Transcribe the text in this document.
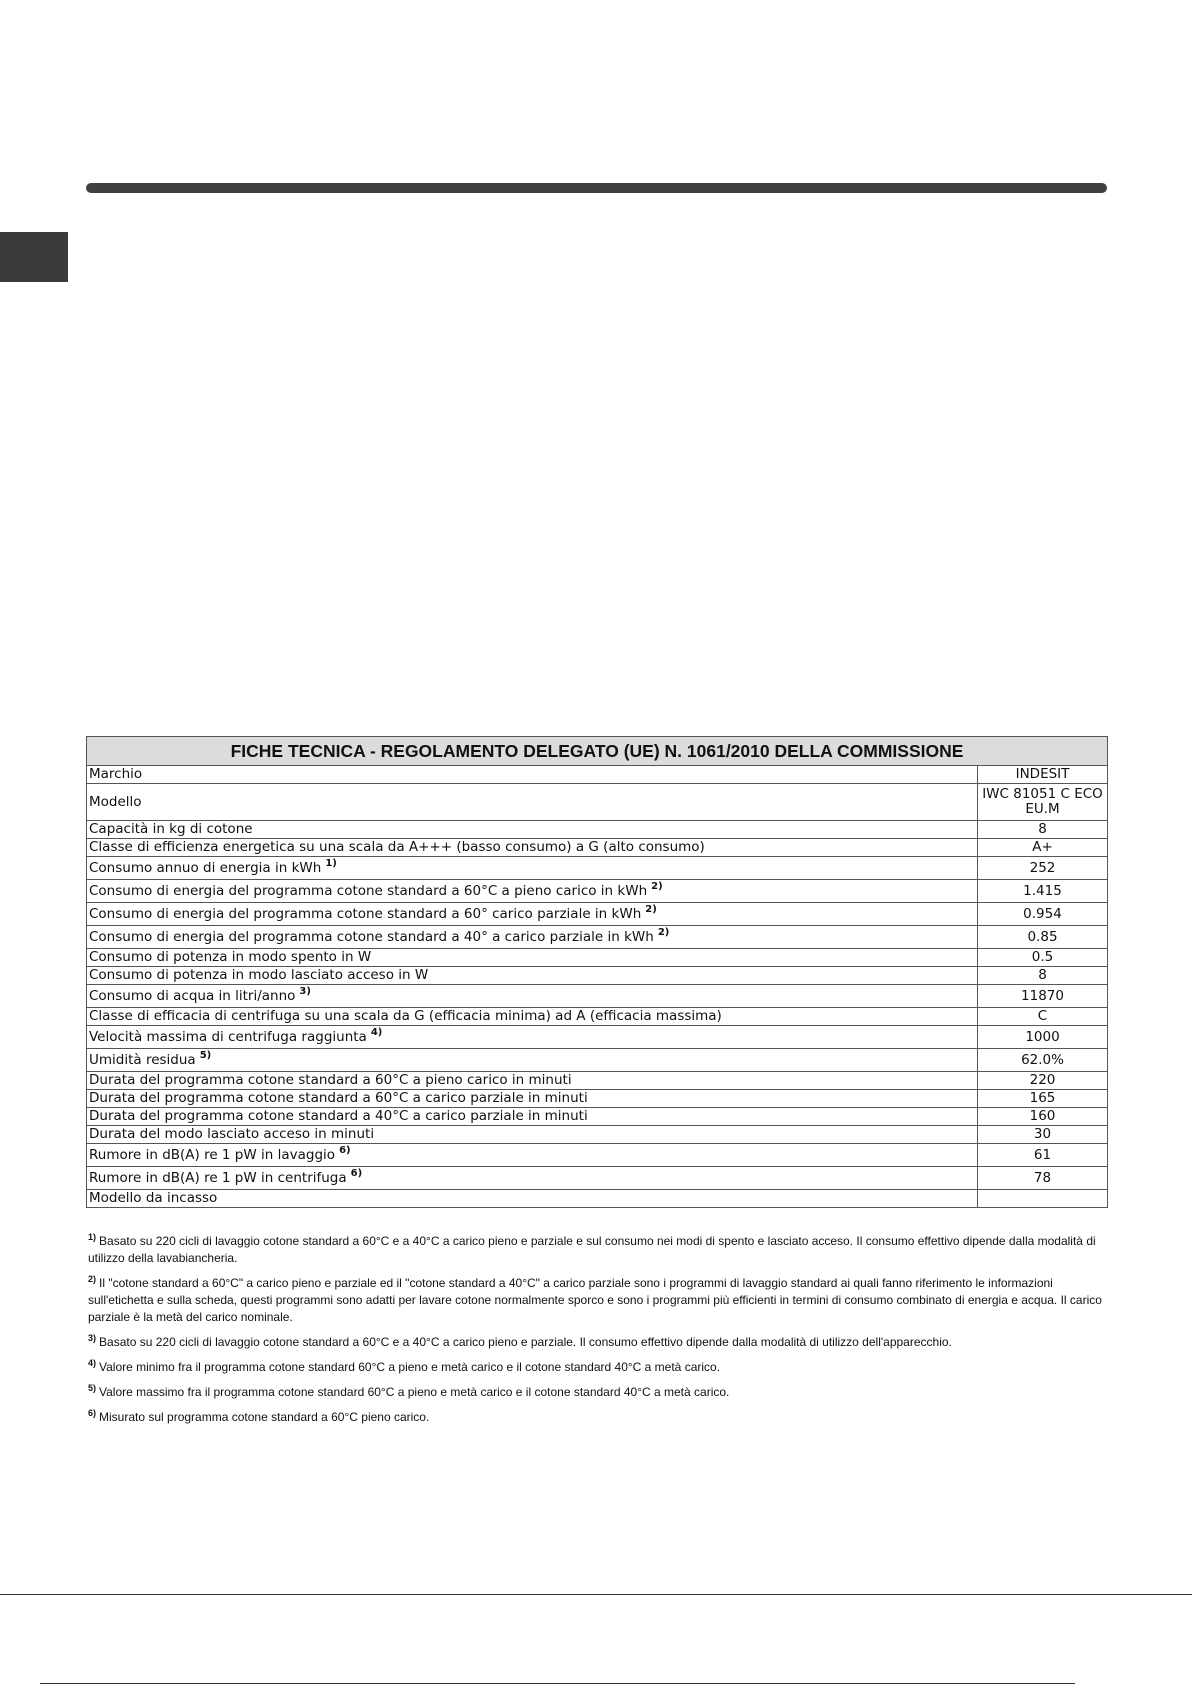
FICHE TECNICA - REGOLAMENTO DELEGATO (UE) N. 1061/2010 DELLA COMMISSIONE	
Marchio	INDESIT
Modello	IWC 81051 C ECO EU.M
Capacità in kg di cotone	8
Classe di efficienza energetica su una scala da A+++ (basso consumo) a G (alto consumo)	A+
Consumo annuo di energia in kWh $^{1)}$	252
Consumo di energia del programma cotone standard a 60°C a pieno carico in kWh $^{2)}$	1.415
Consumo di energia del programma cotone standard a 60° carico parziale in kWh $^{2)}$	0.954
Consumo di energia del programma cotone standard a 40° a carico parziale in kWh $^{2)}$	0.85
Consumo di potenza in modo spento in W	0.5
Consumo di potenza in modo lasciato acceso in W	8
Consumo di acqua in litri/anno $^{3)}$	11870
Classe di efficacia di centrifuga su una scala da G (efficacia minima) ad A (efficacia massima)	C
Velocità massima di centrifuga raggiunta $^{4)}$	1000
Umidità residua $^{5)}$	62.0%
Durata del programma cotone standard a 60°C a pieno carico in minuti	220
Durata del programma cotone standard a 60°C a carico parziale in minuti	165
Durata del programma cotone standard a 40°C a carico parziale in minuti	160
Durata del modo lasciato acceso in minuti	30
Rumore in dB(A) re 1 pW in lavaggio $^{6)}$	61
Rumore in dB(A) re 1 pW in centrifuga $^{6)}$	78
Modello da incasso	

$^{1)}$ Basato su 220 cicli di lavaggio cotone standard a 60°C e a 40°C a carico pieno e parziale e sul consumo nei modi di spento e lasciato acceso. Il consumo effettivo dipende dalla modalità di utilizzo della lavabiancheria.

$^{2)}$ Il "cotone standard a 60°C" a carico pieno e parziale ed il "cotone standard a 40°C" a carico parziale sono i programmi di lavaggio standard ai quali fanno riferimento le informazioni sull'etichetta e sulla scheda, questi programmi sono adatti per lavare cotone normalmente sporco e sono i programmi più efficienti in termini di consumo combinato di energia e acqua. Il carico parziale è la metà del carico nominale.

$^{3)}$ Basato su 220 cicli di lavaggio cotone standard a 60°C e a 40°C a carico pieno e parziale. Il consumo effettivo dipende dalla modalità di utilizzo dell'apparecchio.

$^{4)}$ Valore minimo fra il programma cotone standard 60°C a pieno e metà carico e il cotone standard 40°C a metà carico.

$^{5)}$ Valore massimo fra il programma cotone standard 60°C a pieno e metà carico e il cotone standard 40°C a metà carico.

$^{6)}$ Misurato sul programma cotone standard a 60°C pieno carico.
